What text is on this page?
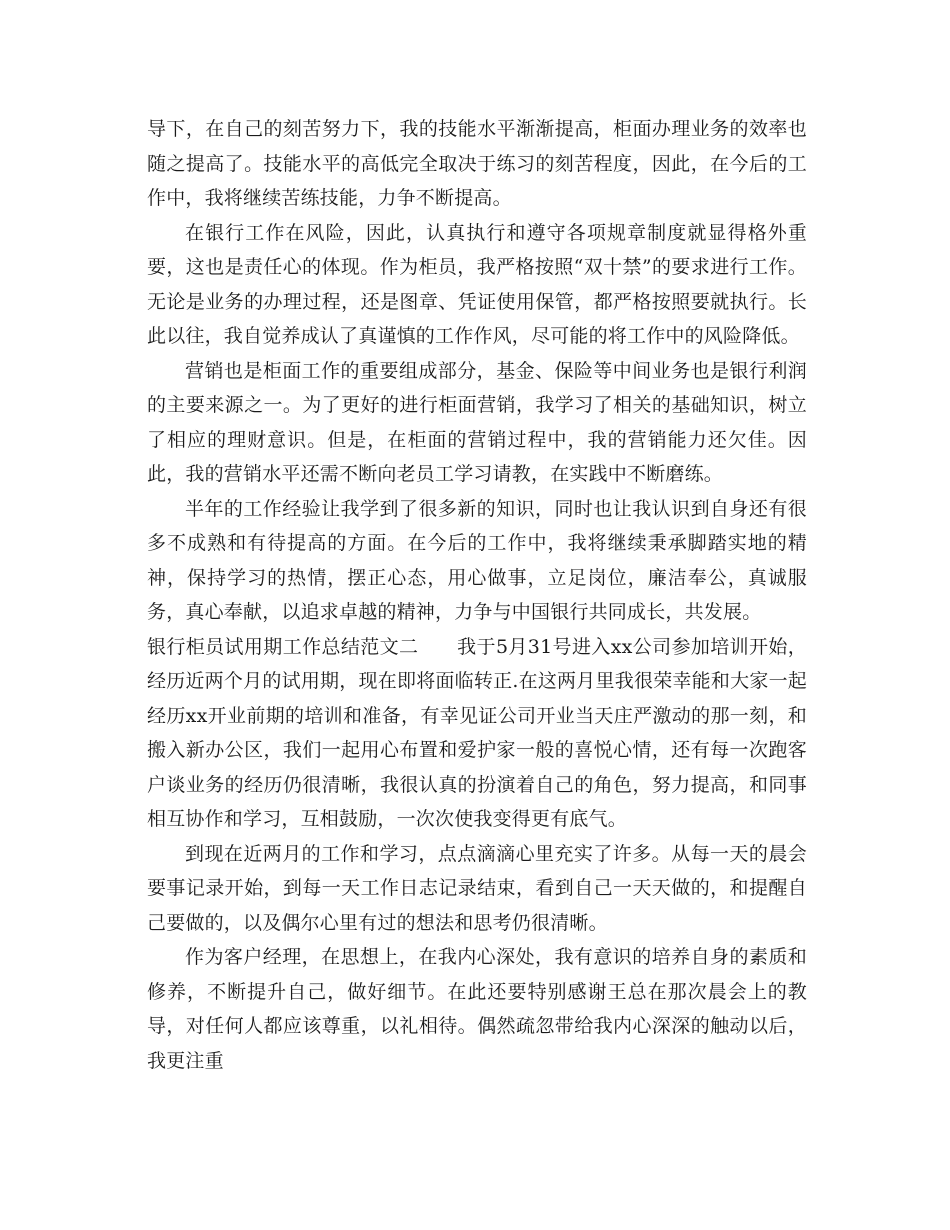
导下，在自己的刻苦努力下，我的技能水平渐渐提高，柜面办理业务的效率也随之提高了。技能水平的高低完全取决于练习的刻苦程度，因此，在今后的工作中，我将继续苦练技能，力争不断提高。

在银行工作在风险，因此，认真执行和遵守各项规章制度就显得格外重要，这也是责任心的体现。作为柜员，我严格按照“双十禁”的要求进行工作。无论是业务的办理过程，还是图章、凭证使用保管，都严格按照要就执行。长此以往，我自觉养成认了真谨慎的工作作风，尽可能的将工作中的风险降低。

营销也是柜面工作的重要组成部分，基金、保险等中间业务也是银行利润的主要来源之一。为了更好的进行柜面营销，我学习了相关的基础知识，树立了相应的理财意识。但是，在柜面的营销过程中，我的营销能力还欠佳。因此，我的营销水平还需不断向老员工学习请教，在实践中不断磨练。

半年的工作经验让我学到了很多新的知识，同时也让我认识到自身还有很多不成熟和有待提高的方面。在今后的工作中，我将继续秉承脚踏实地的精神，保持学习的热情，摆正心态，用心做事，立足岗位，廉洁奉公，真诚服务，真心奉献，以追求卓越的精神，力争与中国银行共同成长，共发展。

银行柜员试用期工作总结范文二　　 我于5月31号进入xx公司参加培训开始，经历近两个月的试用期，现在即将面临转正.在这两月里我很荣幸能和大家一起经历xx开业前期的培训和准备，有幸见证公司开业当天庄严激动的那一刻，和搬入新办公区，我们一起用心布置和爱护家一般的喜悦心情，还有每一次跑客户谈业务的经历仍很清晰，我很认真的扮演着自己的角色，努力提高，和同事相互协作和学习，互相鼓励，一次次使我变得更有底气。

到现在近两月的工作和学习，点点滴滴心里充实了许多。从每一天的晨会要事记录开始，到每一天工作日志记录结束，看到自己一天天做的，和提醒自己要做的，以及偶尔心里有过的想法和思考仍很清晰。

作为客户经理，在思想上，在我内心深处，我有意识的培养自身的素质和修养，不断提升自己，做好细节。在此还要特别感谢王总在那次晨会上的教导，对任何人都应该尊重，以礼相待。偶然疏忽带给我内心深深的触动以后，我更注重
